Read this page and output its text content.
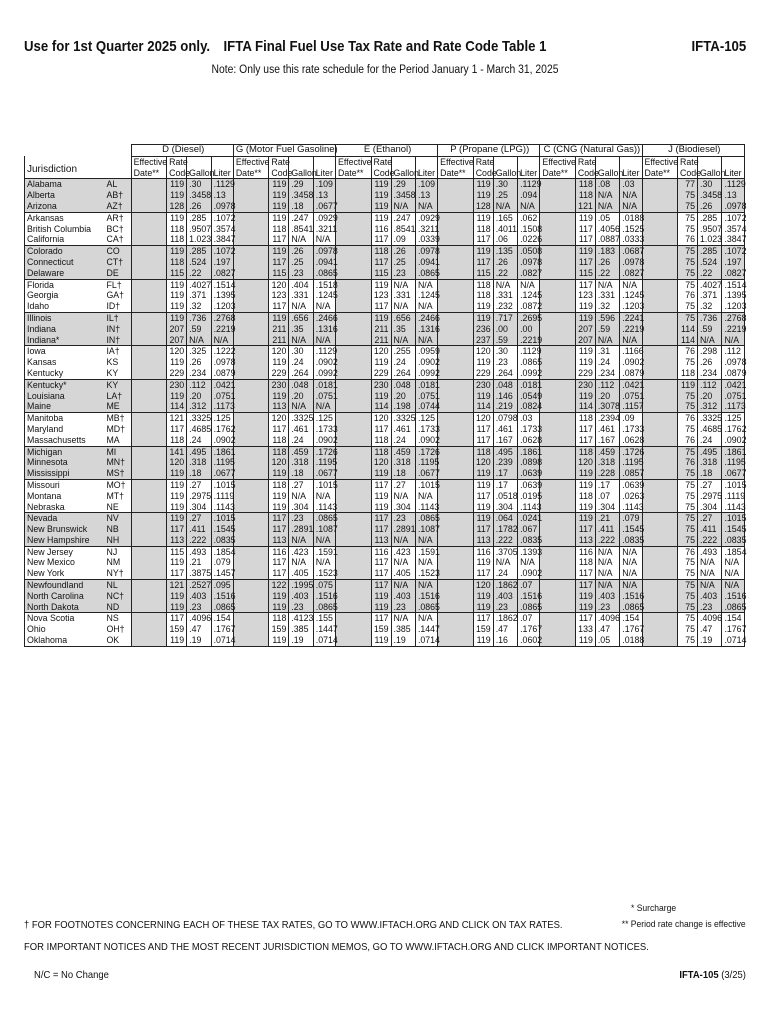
Use for 1st Quarter 2025 only. IFTA Final Fuel Use Tax Rate and Rate Code Table 1	IFTA-105
Note: Only use this rate schedule for the Period January 1 - March 31, 2025
		D (Diesel)				G (Motor Fuel Gasoline)				E (Ethanol)				P (Propane (LPG))				C (CNG (Natural Gas))				J (Biodiesel)			
Jurisdiction		Effective Date**	Rate Code	Gallon	Liter	Effective Date**	Rate Code	Gallon	Liter	Effective Date**	Rate Code	Gallon	Liter	Effective Date**	Rate Code	Gallon	Liter	Effective Date**	Rate Code	Gallon	Liter	Effective Date**	Rate Code	Gallon	Liter
Alabama	AL		119	.30	.1129		119	.29	.109		119	.29	.109		119	.30	.1129		118	.08	.03		77	.30	.1129
Alberta	AB†		119	.3458	.13		119	.3458	.13		119	.3458	.13		119	.25	.094		118	N/A	N/A		75	.3458	.13
Arizona	AZ†		128	.26	.0978		119	.18	.0677		119	N/A	N/A		128	N/A	N/A		121	N/A	N/A		75	.26	.0978
Arkansas	AR†		119	.285	.1072		119	.247	.0929		119	.247	.0929		119	.165	.062		119	.05	.0188		75	.285	.1072
British Columbia	BC†		118	.9507	.3574		118	.8541	.3211		116	.8541	.3211		118	.4011	.1508		117	.4056	.1525		75	.9507	.3574
California	CA†		118	1.023	.3847		117	N/A	N/A		117	.09	.0339		117	.06	.0226		117	.0887	.0333		76	1.023	.3847
Colorado	CO		119	.285	.1072		119	.26	.0978		118	.26	.0978		119	.135	.0508		119	.183	.0687		75	.285	.1072
Connecticut	CT†		118	.524	.197		117	.25	.0941		117	.25	.0941		117	.26	.0978		117	.26	.0978		75	.524	.197
Delaware	DE		115	.22	.0827		115	.23	.0865		115	.23	.0865		115	.22	.0827		115	.22	.0827		75	.22	.0827
Florida	FL†		119	.4027	.1514		120	.404	.1518		119	N/A	N/A		118	N/A	N/A		117	N/A	N/A		75	.4027	.1514
Georgia	GA†		119	.371	.1395		123	.331	.1245		123	.331	.1245		118	.331	.1245		123	.331	.1245		76	.371	.1395
Idaho	ID†		119	.32	.1203		117	N/A	N/A		117	N/A	N/A		119	.232	.0872		119	.32	.1203		75	.32	.1203
Illinois	IL†		119	.736	.2768		119	.656	.2466		119	.656	.2466		119	.717	.2695		119	.596	.2241		75	.736	.2768
Indiana	IN†		207	.59	.2219		211	.35	.1316		211	.35	.1316		236	.00	.00		207	.59	.2219		114	.59	.2219
Indiana*	IN†		207	N/A	N/A		211	N/A	N/A		211	N/A	N/A		237	.59	.2219		207	N/A	N/A		114	N/A	N/A
Iowa	IA†		120	.325	.1222		120	.30	.1129		120	.255	.0959		120	.30	.1129		119	.31	.1166		76	.298	.112
Kansas	KS		119	.26	.0978		119	.24	.0902		119	.24	.0902		119	.23	.0865		119	.24	.0902		75	.26	.0978
Kentucky	KY		229	.234	.0879		229	.264	.0992		229	.264	.0992		229	.264	.0992		229	.234	.0879		118	.234	.0879
Kentucky*	KY		230	.112	.0421		230	.048	.0181		230	.048	.0181		230	.048	.0181		230	.112	.0421		119	.112	.0421
Louisiana	LA†		119	.20	.0751		119	.20	.0751		119	.20	.0751		119	.146	.0549		119	.20	.0751		75	.20	.0751
Maine	ME		114	.312	.1173		113	N/A	N/A		114	.198	.0744		114	.219	.0824		114	.3078	.1157		75	.312	.1173
Manitoba	MB†		121	.3325	.125		120	.3325	.125		120	.3325	.125		120	.0798	.03		118	.2394	.09		76	.3325	.125
Maryland	MD†		117	.4685	.1762		117	.461	.1733		117	.461	.1733		117	.461	.1733		117	.461	.1733		75	.4685	.1762
Massachusetts	MA		118	.24	.0902		118	.24	.0902		118	.24	.0902		117	.167	.0628		117	.167	.0628		76	.24	.0902
Michigan	MI		141	.495	.1861		118	.459	.1726		118	.459	.1726		118	.495	.1861		118	.459	.1726		75	.495	.1861
Minnesota	MN†		120	.318	.1195		120	.318	.1195		120	.318	.1195		120	.239	.0898		120	.318	.1195		76	.318	.1195
Mississippi	MS†		119	.18	.0677		119	.18	.0677		119	.18	.0677		119	.17	.0639		119	.228	.0857		75	.18	.0677
Missouri	MO†		119	.27	.1015		118	.27	.1015		117	.27	.1015		119	.17	.0639		119	.17	.0639		75	.27	.1015
Montana	MT†		119	.2975	.1119		119	N/A	N/A		119	N/A	N/A		117	.0518	.0195		118	.07	.0263		75	.2975	.1119
Nebraska	NE		119	.304	.1143		119	.304	.1143		119	.304	.1143		119	.304	.1143		119	.304	.1143		75	.304	.1143
Nevada	NV		119	.27	.1015		117	.23	.0865		117	.23	.0865		119	.064	.0241		119	.21	.079		75	.27	.1015
New Brunswick	NB		117	.411	.1545		117	.2891	.1087		117	.2891	.1087		117	.1782	.067		117	.411	.1545		75	.411	.1545
New Hampshire	NH		113	.222	.0835		113	N/A	N/A		113	N/A	N/A		113	.222	.0835		113	.222	.0835		75	.222	.0835
New Jersey	NJ		115	.493	.1854		116	.423	.1591		116	.423	.1591		116	.3705	.1393		116	N/A	N/A		76	.493	.1854
New Mexico	NM		119	.21	.079		117	N/A	N/A		117	N/A	N/A		119	N/A	N/A		118	N/A	N/A		75	N/A	N/A
New York	NY†		117	.3875	.1457		117	.405	.1523		117	.405	.1523		117	.24	.0902		117	N/A	N/A		75	N/A	N/A
Newfoundland	NL		121	.2527	.095		122	.1995	.075		117	N/A	N/A		120	.1862	.07		117	N/A	N/A		75	N/A	N/A
North Carolina	NC†		119	.403	.1516		119	.403	.1516		119	.403	.1516		119	.403	.1516		119	.403	.1516		75	.403	.1516
North Dakota	ND		119	.23	.0865		119	.23	.0865		119	.23	.0865		119	.23	.0865		119	.23	.0865		75	.23	.0865
Nova Scotia	NS		117	.4096	.154		118	.4123	.155		117	N/A	N/A		117	.1862	.07		117	.4096	.154		75	.4096	.154
Ohio	OH†		159	.47	.1767		159	.385	.1447		159	.385	.1447		159	.47	.1767		133	.47	.1767		75	.47	.1767
Oklahoma	OK		119	.19	.0714		119	.19	.0714		119	.19	.0714		119	.16	.0602		119	.05	.0188		75	.19	.0714
* Surcharge
** Period rate change is effective
† FOR FOOTNOTES CONCERNING EACH OF THESE TAX RATES, GO TO WWW.IFTACH.ORG AND CLICK ON TAX RATES.
FOR IMPORTANT NOTICES AND THE MOST RECENT JURISDICTION MEMOS, GO TO WWW.IFTACH.ORG AND CLICK IMPORTANT NOTICES.
N/C = No Change	IFTA-105 (3/25)
